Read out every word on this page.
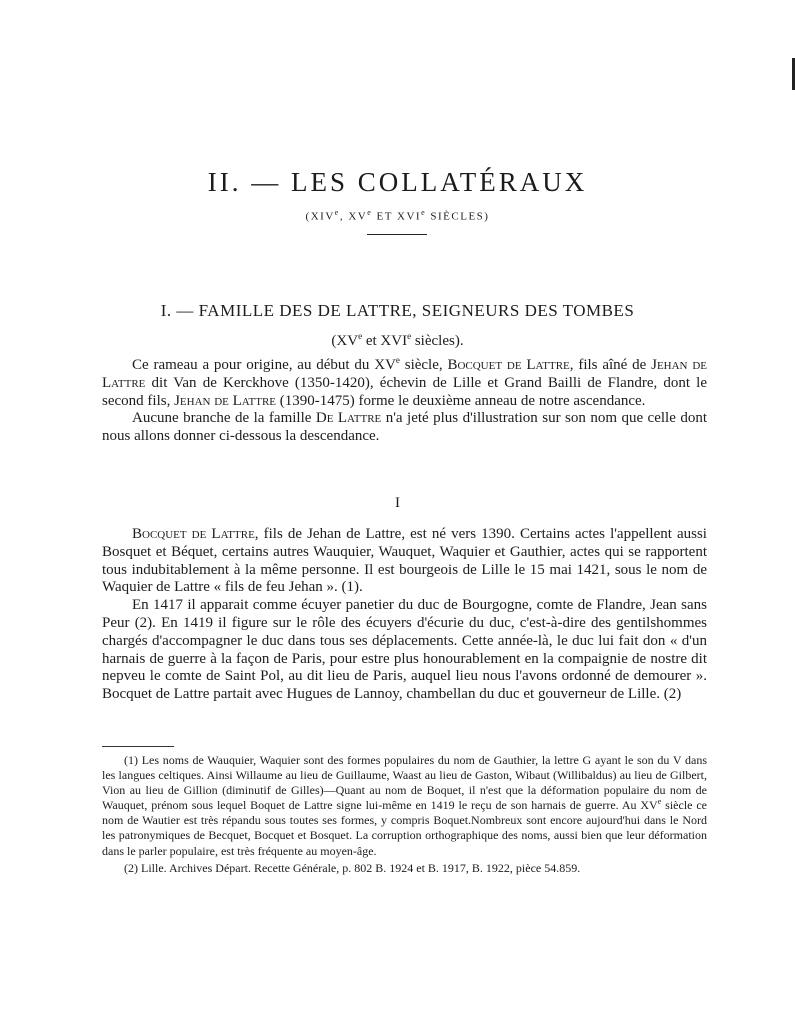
II. — LES COLLATÉRAUX
(XIVe, XVe ET XVIe SIÈCLES)
I. — FAMILLE DES DE LATTRE, SEIGNEURS DES TOMBES
(XVe et XVIe siècles).

Ce rameau a pour origine, au début du XVe siècle, Bocquet de Lattre, fils aîné de Jehan de Lattre dit Van de Kerckhove (1350-1420), échevin de Lille et Grand Bailli de Flandre, dont le second fils, Jehan de Lattre (1390-1475) forme le deuxième anneau de notre ascendance.

Aucune branche de la famille De Lattre n'a jeté plus d'illustration sur son nom que celle dont nous allons donner ci-dessous la descendance.

I

Bocquet de Lattre, fils de Jehan de Lattre, est né vers 1390. Certains actes l'appellent aussi Bosquet et Béquet, certains autres Wauquier, Wauquet, Waquier et Gauthier, actes qui se rapportent tous indubitablement à la même personne. Il est bourgeois de Lille le 15 mai 1421, sous le nom de Waquier de Lattre « fils de feu Jehan ». (1).

En 1417 il apparait comme écuyer panetier du duc de Bourgogne, comte de Flandre, Jean sans Peur (2). En 1419 il figure sur le rôle des écuyers d'écurie du duc, c'est-à-dire des gentilshommes chargés d'accompagner le duc dans tous ses déplacements. Cette année-là, le duc lui fait don « d'un harnais de guerre à la façon de Paris, pour estre plus honourablement en la compaignie de nostre dit nepveu le comte de Saint Pol, au dit lieu de Paris, auquel lieu nous l'avons ordonné de demourer ». Bocquet de Lattre partait avec Hugues de Lannoy, chambellan du duc et gouverneur de Lille. (2)

(1) Les noms de Wauquier, Waquier sont des formes populaires du nom de Gauthier, la lettre G ayant le son du V dans les langues celtiques. Ainsi Willaume au lieu de Guillaume, Waast au lieu de Gaston, Wibaut (Willibaldus) au lieu de Gilbert, Vion au lieu de Gillion (diminutif de Gilles)—Quant au nom de Boquet, il n'est que la déformation populaire du nom de Wauquet, prénom sous lequel Boquet de Lattre signe lui-même en 1419 le reçu de son harnais de guerre. Au XVe siècle ce nom de Wautier est très répandu sous toutes ses formes, y compris Boquet.Nombreux sont encore aujourd'hui dans le Nord les patronymiques de Becquet, Bocquet et Bosquet. La corruption orthographique des noms, aussi bien que leur déformation dans le parler populaire, est très fréquente au moyen-âge.

(2) Lille. Archives Départ. Recette Générale, p. 802 B. 1924 et B. 1917, B. 1922, pièce 54.859.
